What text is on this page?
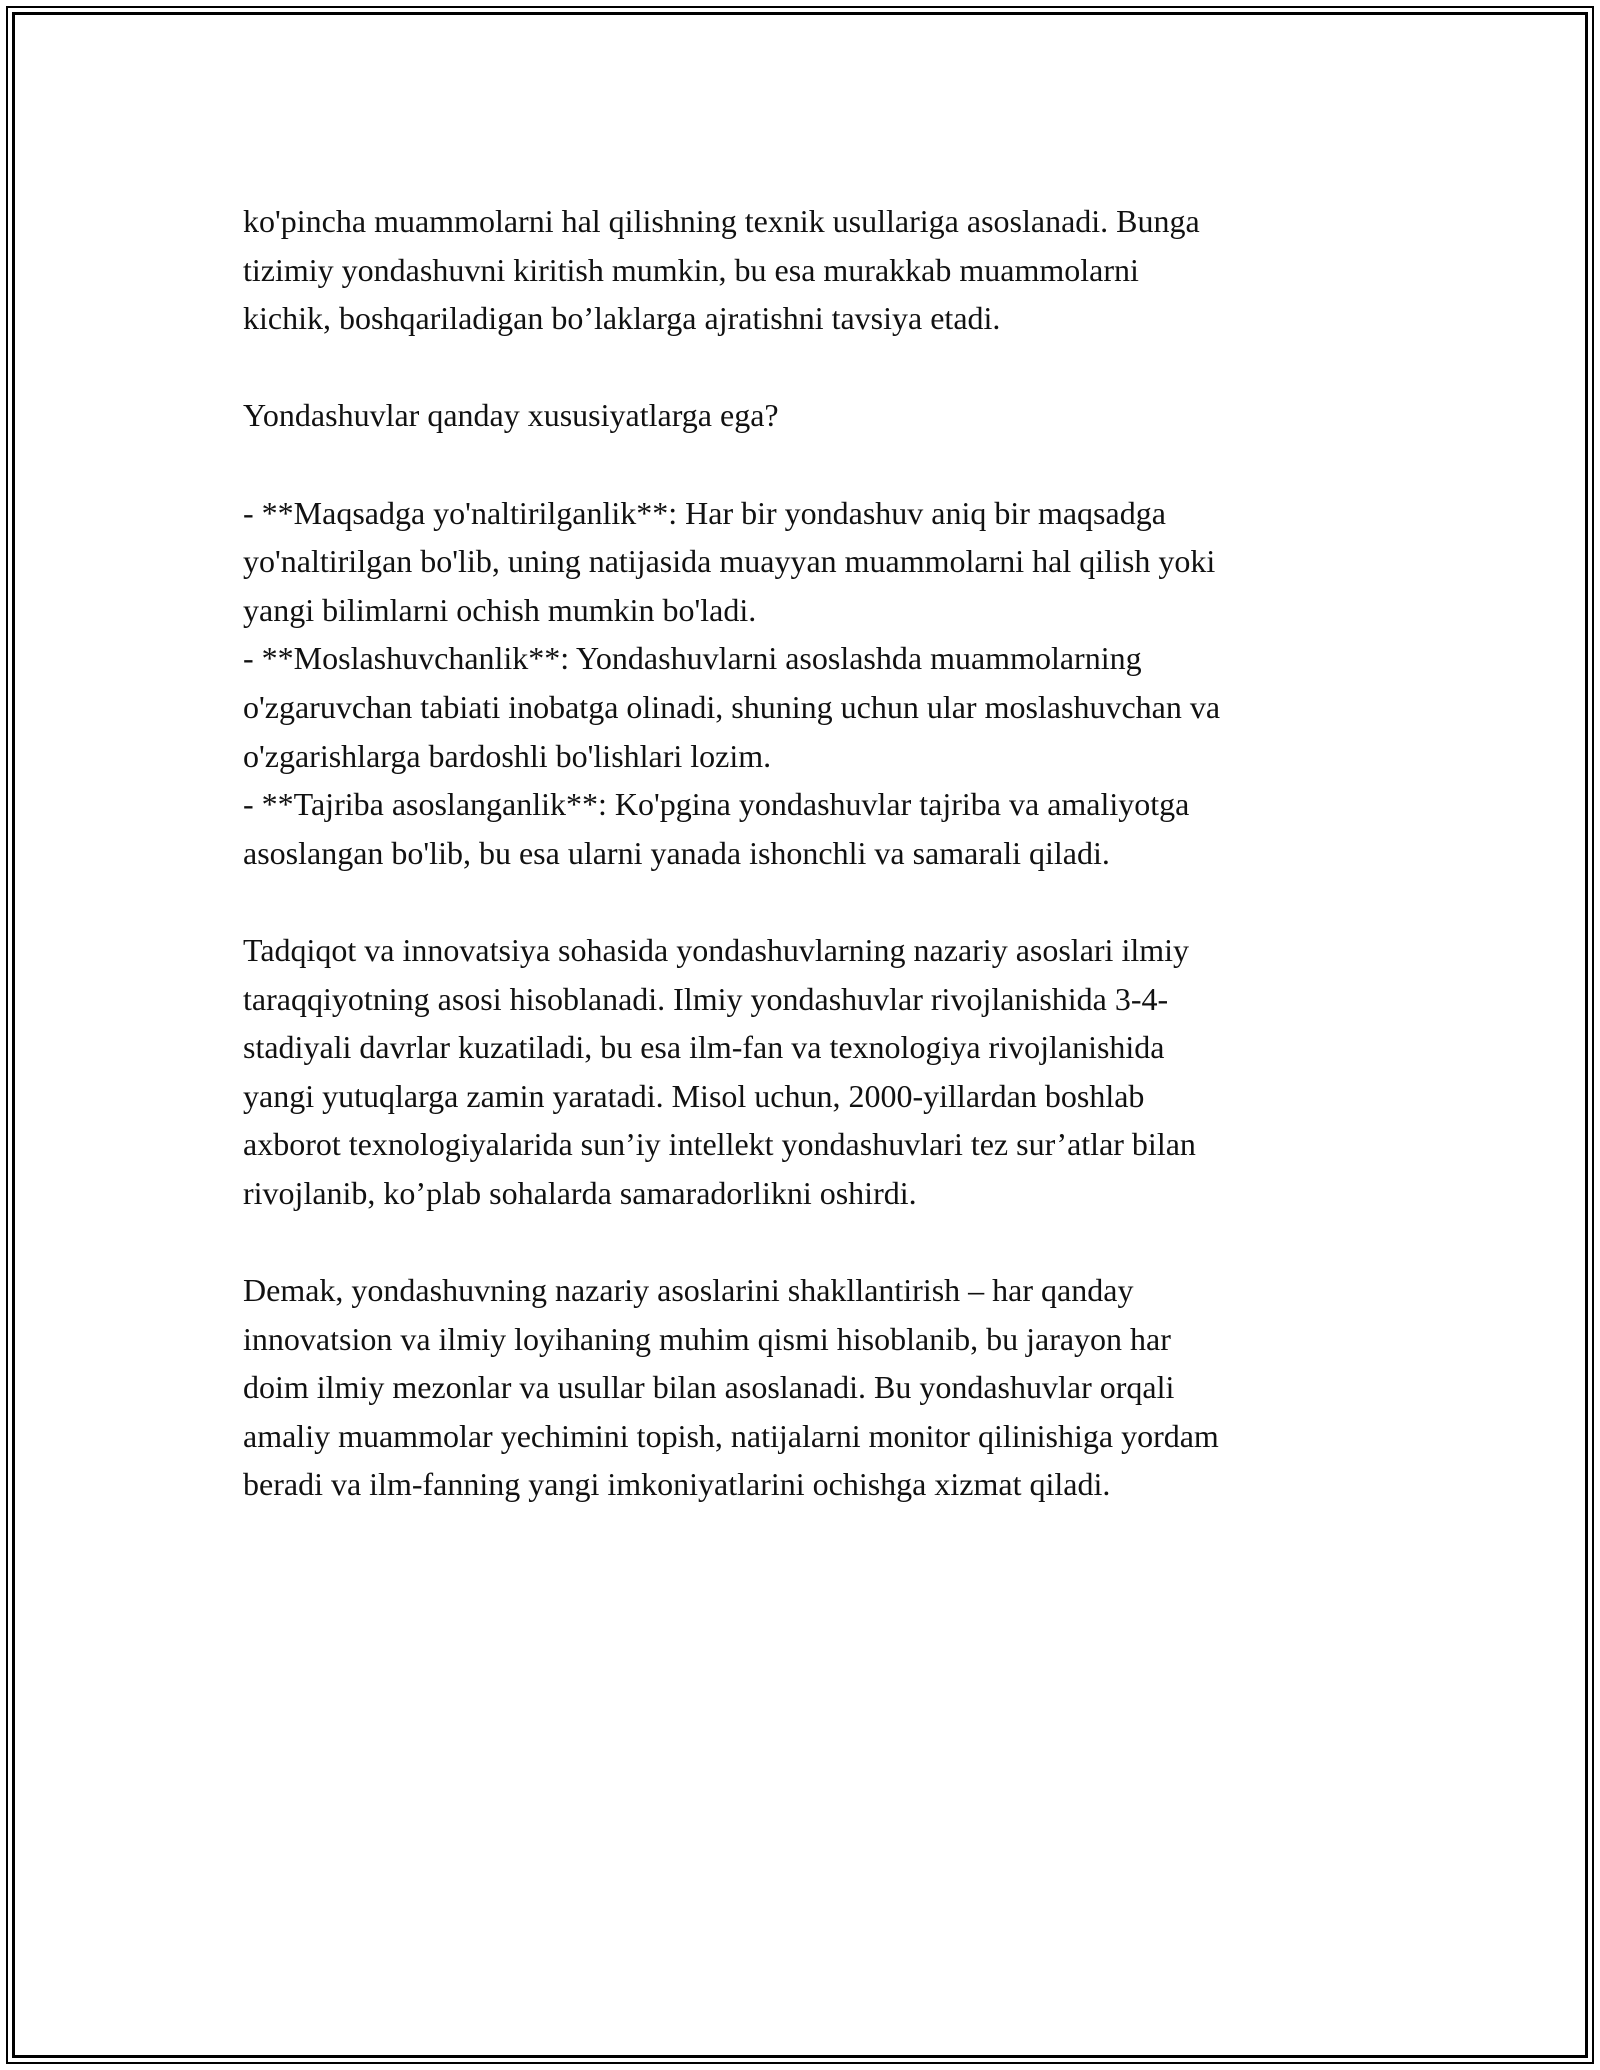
ko'pincha muammolarni hal qilishning texnik usullariga asoslanadi. Bunga
tizimiy yondashuvni kiritish mumkin, bu esa murakkab muammolarni
kichik, boshqariladigan bo’laklarga ajratishni tavsiya etadi.

Yondashuvlar qanday xususiyatlarga ega?

- **Maqsadga yo'naltirilganlik**: Har bir yondashuv aniq bir maqsadga
yo'naltirilgan bo'lib, uning natijasida muayyan muammolarni hal qilish yoki
yangi bilimlarni ochish mumkin bo'ladi.

- **Moslashuvchanlik**: Yondashuvlarni asoslashda muammolarning
o'zgaruvchan tabiati inobatga olinadi, shuning uchun ular moslashuvchan va
o'zgarishlarga bardoshli bo'lishlari lozim.

- **Tajriba asoslanganlik**: Ko'pgina yondashuvlar tajriba va amaliyotga
asoslangan bo'lib, bu esa ularni yanada ishonchli va samarali qiladi.

Tadqiqot va innovatsiya sohasida yondashuvlarning nazariy asoslari ilmiy
taraqqiyotning asosi hisoblanadi. Ilmiy yondashuvlar rivojlanishida 3-4-
stadiyali davrlar kuzatiladi, bu esa ilm-fan va texnologiya rivojlanishida
yangi yutuqlarga zamin yaratadi. Misol uchun, 2000-yillardan boshlab
axborot texnologiyalarida sun’iy intellekt yondashuvlari tez sur’atlar bilan
rivojlanib, ko’plab sohalarda samaradorlikni oshirdi.

Demak, yondashuvning nazariy asoslarini shakllantirish – har qanday
innovatsion va ilmiy loyihaning muhim qismi hisoblanib, bu jarayon har
doim ilmiy mezonlar va usullar bilan asoslanadi. Bu yondashuvlar orqali
amaliy muammolar yechimini topish, natijalarni monitor qilinishiga yordam
beradi va ilm-fanning yangi imkoniyatlarini ochishga xizmat qiladi.
